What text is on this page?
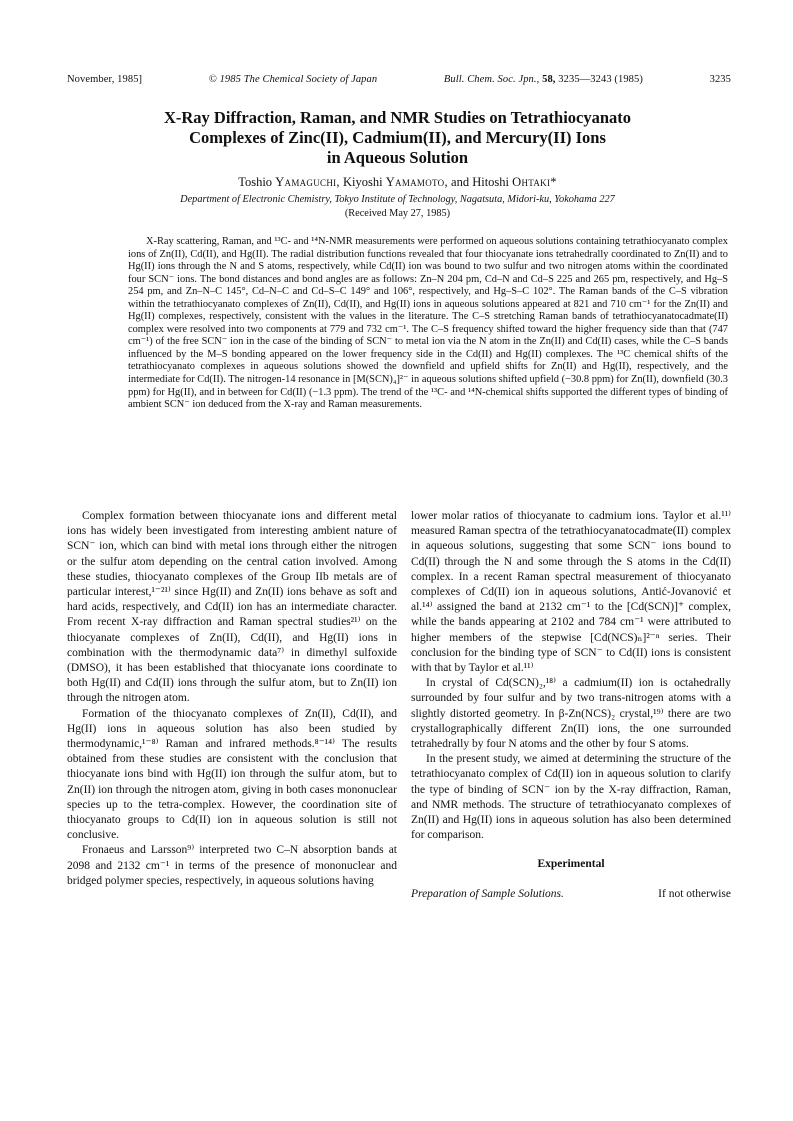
November, 1985]	© 1985 The Chemical Society of Japan	Bull. Chem. Soc. Jpn., 58, 3235—3243 (1985)	3235
X-Ray Diffraction, Raman, and NMR Studies on Tetrathiocyanato
Complexes of Zinc(II), Cadmium(II), and Mercury(II) Ions
in Aqueous Solution
Toshio Yamaguchi, Kiyoshi Yamamoto, and Hitoshi Ohtaki*
Department of Electronic Chemistry, Tokyo Institute of Technology, Nagatsuta, Midori-ku, Yokohama 227
(Received May 27, 1985)

X-Ray scattering, Raman, and ¹³C- and ¹⁴N-NMR measurements were performed on aqueous solutions containing tetrathiocyanato complex ions of Zn(II), Cd(II), and Hg(II). The radial distribution functions revealed that four thiocyanate ions tetrahedrally coordinated to Zn(II) and to Hg(II) ions through the N and S atoms, respectively, while Cd(II) ion was bound to two sulfur and two nitrogen atoms within the coordinated four SCN⁻ ions. The bond distances and bond angles are as follows: Zn–N 204 pm, Cd–N and Cd–S 225 and 265 pm, respectively, and Hg–S 254 pm, and Zn–N–C 145°, Cd–N–C and Cd–S–C 149° and 106°, respectively, and Hg–S–C 102°. The Raman bands of the C–S vibration within the tetrathiocyanato complexes of Zn(II), Cd(II), and Hg(II) ions in aqueous solutions appeared at 821 and 710 cm⁻¹ for the Zn(II) and Hg(II) complexes, respectively, consistent with the values in the literature. The C–S stretching Raman bands of tetrathiocyanatocadmate(II) complex were resolved into two components at 779 and 732 cm⁻¹. The C–S frequency shifted toward the higher frequency side than that (747 cm⁻¹) of the free SCN⁻ ion in the case of the binding of SCN⁻ to metal ion via the N atom in the Zn(II) and Cd(II) cases, while the C–S bands influenced by the M–S bonding appeared on the lower frequency side in the Cd(II) and Hg(II) complexes. The ¹³C chemical shifts of the tetrathiocyanato complexes in aqueous solutions showed the downfield and upfield shifts for Zn(II) and Hg(II), respectively, and the intermediate for Cd(II). The nitrogen-14 resonance in [M(SCN)₄]²⁻ in aqueous solutions shifted upfield (−30.8 ppm) for Zn(II), downfield (30.3 ppm) for Hg(II), and in between for Cd(II) (−1.3 ppm). The trend of the ¹³C- and ¹⁴N-chemical shifts supported the different types of binding of ambient SCN⁻ ion deduced from the X-ray and Raman measurements.

Complex formation between thiocyanate ions and different metal ions has widely been investigated from interesting ambient nature of SCN⁻ ion, which can bind with metal ions through either the nitrogen or the sulfur atom depending on the central cation involved. Among these studies, thiocyanato complexes of the Group IIb metals are of particular interest,¹⁻²¹⁾ since Hg(II) and Zn(II) ions behave as soft and hard acids, respectively, and Cd(II) ion has an intermediate character. From recent X-ray diffraction and Raman spectral studies²¹⁾ on the thiocyanate complexes of Zn(II), Cd(II), and Hg(II) ions in combination with the thermodynamic data⁷⁾ in dimethyl sulfoxide (DMSO), it has been established that thiocyanate ions coordinate to both Hg(II) and Cd(II) ions through the sulfur atom, but to Zn(II) ion through the nitrogen atom.

Formation of the thiocyanato complexes of Zn(II), Cd(II), and Hg(II) ions in aqueous solution has also been studied by thermodynamic,¹⁻⁸⁾ Raman and infrared methods.⁸⁻¹⁴⁾ The results obtained from these studies are consistent with the conclusion that thiocyanate ions bind with Hg(II) ion through the sulfur atom, but to Zn(II) ion through the nitrogen atom, giving in both cases mononuclear species up to the tetra-complex. However, the coordination site of thiocyanato groups to Cd(II) ion in aqueous solution is still not conclusive.

Fronaeus and Larsson⁹⁾ interpreted two C–N absorption bands at 2098 and 2132 cm⁻¹ in terms of the presence of mononuclear and bridged polymer species, respectively, in aqueous solutions having

lower molar ratios of thiocyanate to cadmium ions. Taylor et al.¹¹⁾ measured Raman spectra of the tetrathiocyanatocadmate(II) complex in aqueous solutions, suggesting that some SCN⁻ ions bound to Cd(II) through the N and some through the S atoms in the Cd(II) complex. In a recent Raman spectral measurement of thiocyanato complexes of Cd(II) ion in aqueous solutions, Antić-Jovanović et al.¹⁴⁾ assigned the band at 2132 cm⁻¹ to the [Cd(SCN)]⁺ complex, while the bands appearing at 2102 and 784 cm⁻¹ were attributed to higher members of the stepwise [Cd(NCS)ₙ]²⁻ⁿ series. Their conclusion for the binding type of SCN⁻ to Cd(II) ions is consistent with that by Taylor et al.¹¹⁾

In crystal of Cd(SCN)₂,¹⁸⁾ a cadmium(II) ion is octahedrally surrounded by four sulfur and by two trans-nitrogen atoms with a slightly distorted geometry. In β-Zn(NCS)₂ crystal,¹⁹⁾ there are two crystallographically different Zn(II) ions, the one surrounded tetrahedrally by four N atoms and the other by four S atoms.

In the present study, we aimed at determining the structure of the tetrathiocyanato complex of Cd(II) ion in aqueous solution to clarify the type of binding of SCN⁻ ion by the X-ray diffraction, Raman, and NMR methods. The structure of tetrathiocyanato complexes of Zn(II) and Hg(II) ions in aqueous solution has also been determined for comparison.

Experimental
Preparation of Sample Solutions.	If not otherwise
